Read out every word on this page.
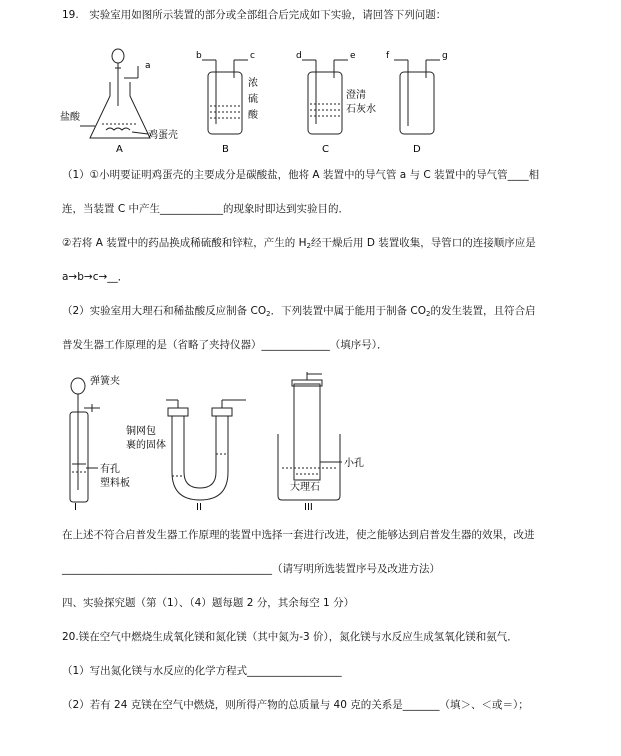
19.　实验室用如图所示装置的部分或全部组合后完成如下实验，请回答下列问题：
a
b	c	d	e	f	g
盐酸
鸡蛋壳
浓
硫
酸
澄清
石灰水
A	B	C	D
（1）①小明要证明鸡蛋壳的主要成分是碳酸盐，他将 A 装置中的导气管 a 与 C 装置中的导气管____相
连，当装置 C 中产生____________的现象时即达到实验目的．
②若将 A 装置中的药品换成稀硫酸和锌粒，产生的 $H_2$经干燥后用 D 装置收集，导管口的连接顺序应是
a→b→c→__．
（2）实验室用大理石和稀盐酸反应制备 $CO_2$．下列装置中属于能用于制备 $CO_2$的发生装置，且符合启
普发生器工作原理的是（省略了夹持仪器）_____________（填序号）．
弹簧夹
有孔
塑料板
铜网包
裹的固体
小孔
大理石
I	II	III
在上述不符合启普发生器工作原理的装置中选择一套进行改进，使之能够达到启普发生器的效果，改进
________________________________________（请写明所选装置序号及改进方法）
四、实验探究题（第（1）、（4）题每题 2 分，其余每空 1 分）
20.镁在空气中燃烧生成氧化镁和氮化镁（其中氮为-3 价），氮化镁与水反应生成氢氧化镁和氨气．
（1）写出氮化镁与水反应的化学方程式__________________
（2）若有 24 克镁在空气中燃烧，则所得产物的总质量与 40 克的关系是_______（填＞、＜或＝）；
